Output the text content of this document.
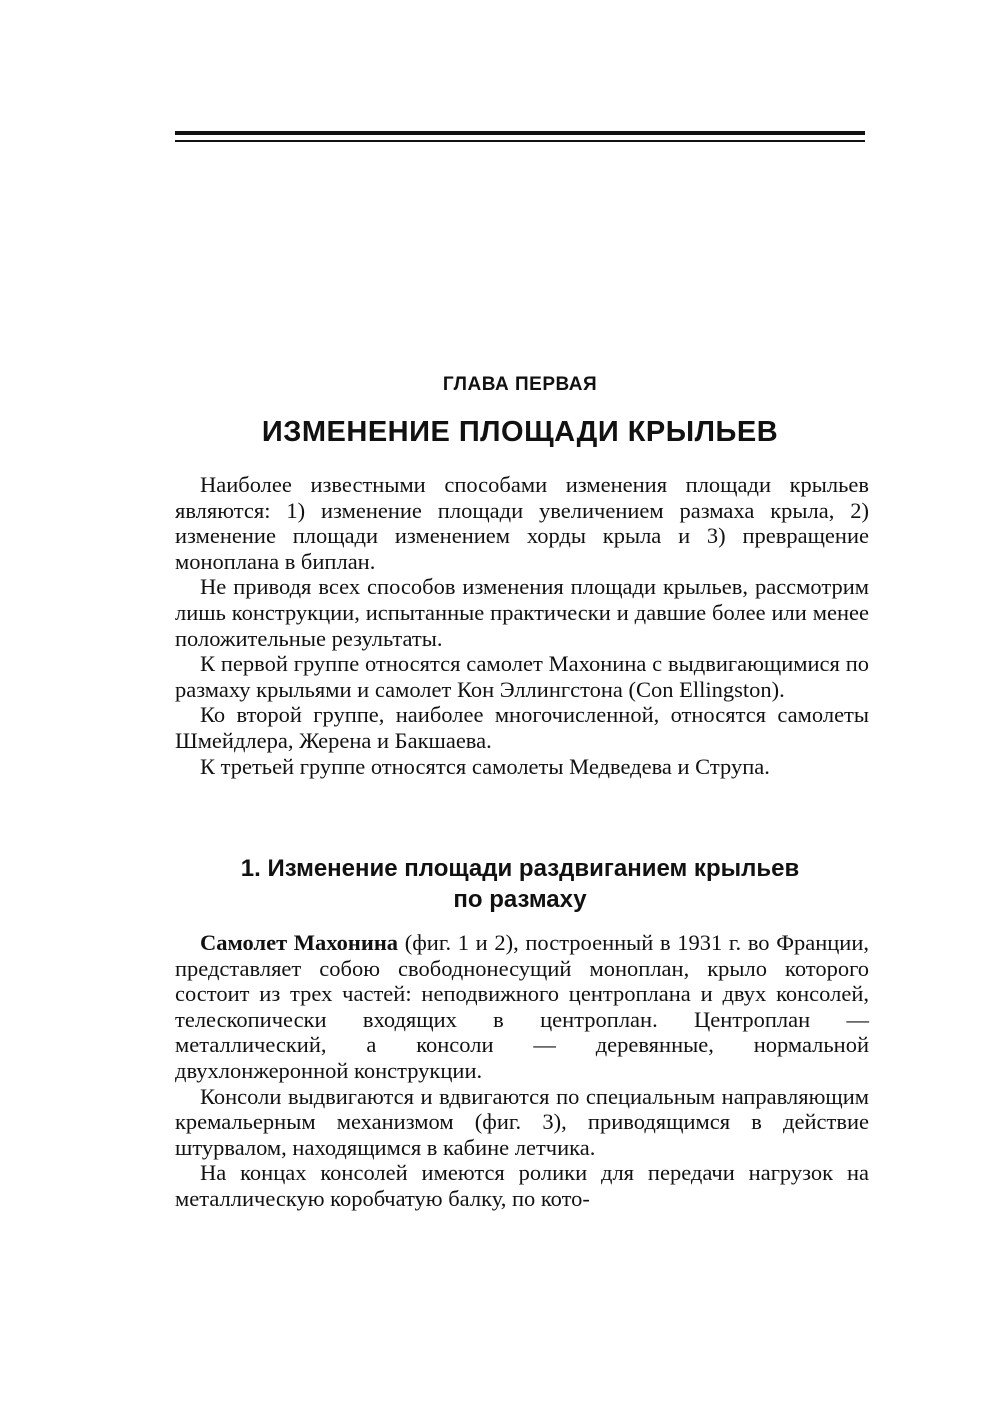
ГЛАВА ПЕРВАЯ
ИЗМЕНЕНИЕ ПЛОЩАДИ КРЫЛЬЕВ

Наиболее известными способами изменения площади крыльев являются: 1) изменение площади увеличением размаха крыла, 2) изменение площади изменением хорды крыла и 3) превращение моноплана в биплан.

Не приводя всех способов изменения площади крыльев, рассмотрим лишь конструкции, испытанные практически и давшие более или менее положительные результаты.

К первой группе относятся самолет Махонина с выдвигающимися по размаху крыльями и самолет Кон Эллингстона (Con Ellingston).

Ко второй группе, наиболее многочисленной, относятся самолеты Шмейдлера, Жерена и Бакшаева.

К третьей группе относятся самолеты Медведева и Струпа.

1. Изменение площади раздвиганием крыльев
по размаху

Самолет Махонина (фиг. 1 и 2), построенный в 1931 г. во Франции, представляет собою свободнонесущий моноплан, крыло которого состоит из трех частей: неподвижного центроплана и двух консолей, телескопически входящих в центроплан. Центроплан — металлический, а консоли — деревянные, нормальной двухлонжеронной конструкции.

Консоли выдвигаются и вдвигаются по специальным направляющим кремальерным механизмом (фиг. 3), приводящимся в действие штурвалом, находящимся в кабине летчика.

На концах консолей имеются ролики для передачи нагрузок на металлическую коробчатую балку, по кото-
